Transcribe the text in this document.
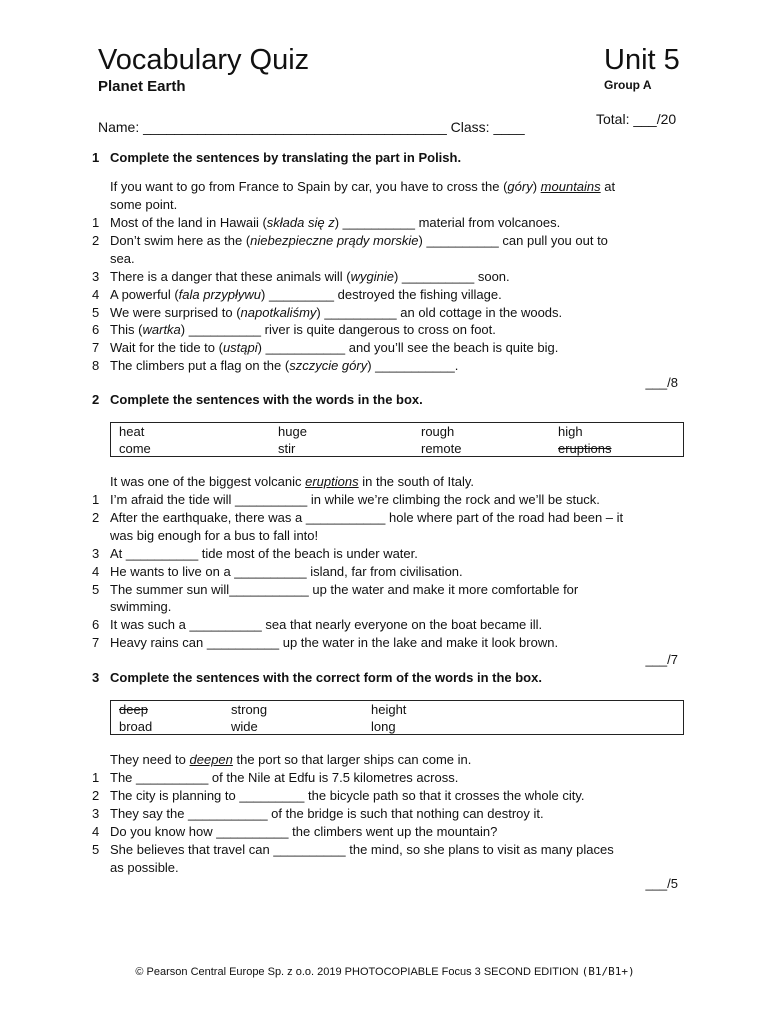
Vocabulary Quiz	Unit 5
Planet Earth	Group A
Total: ___/20
Name: _______________________________________ Class: ____
1 Complete the sentences by translating the part in Polish.
If you want to go from France to Spain by car, you have to cross the (góry) mountains at
some point.
1 Most of the land in Hawaii (składa się z) __________ material from volcanoes.
2 Don’t swim here as the (niebezpieczne prądy morskie) __________ can pull you out to
sea.
3 There is a danger that these animals will (wyginie) __________ soon.
4 A powerful (fala przypływu) _________ destroyed the fishing village.
5 We were surprised to (napotkaliśmy) __________ an old cottage in the woods.
6 This (wartka) __________ river is quite dangerous to cross on foot.
7 Wait for the tide to (ustąpi) ___________ and you’ll see the beach is quite big.
8 The climbers put a flag on the (szczycie góry) ___________.
___/8
2 Complete the sentences with the words in the box.
heat	huge	rough	high
come	stir	remote	eruptions
It was one of the biggest volcanic eruptions in the south of Italy.
1 I’m afraid the tide will __________ in while we’re climbing the rock and we’ll be stuck.
2 After the earthquake, there was a ___________ hole where part of the road had been – it
was big enough for a bus to fall into!
3 At __________ tide most of the beach is under water.
4 He wants to live on a __________ island, far from civilisation.
5 The summer sun will___________ up the water and make it more comfortable for
swimming.
6 It was such a __________ sea that nearly everyone on the boat became ill.
7 Heavy rains can __________ up the water in the lake and make it look brown.
___/7
3 Complete the sentences with the correct form of the words in the box.
deep	strong	height
broad	wide	long
They need to deepen the port so that larger ships can come in.
1 The __________ of the Nile at Edfu is 7.5 kilometres across.
2 The city is planning to _________ the bicycle path so that it crosses the whole city.
3 They say the ___________ of the bridge is such that nothing can destroy it.
4 Do you know how __________ the climbers went up the mountain?
5 She believes that travel can __________ the mind, so she plans to visit as many places
as possible.
___/5
© Pearson Central Europe Sp. z o.o. 2019 PHOTOCOPIABLE Focus 3 SECOND EDITION (B1/B1+)
